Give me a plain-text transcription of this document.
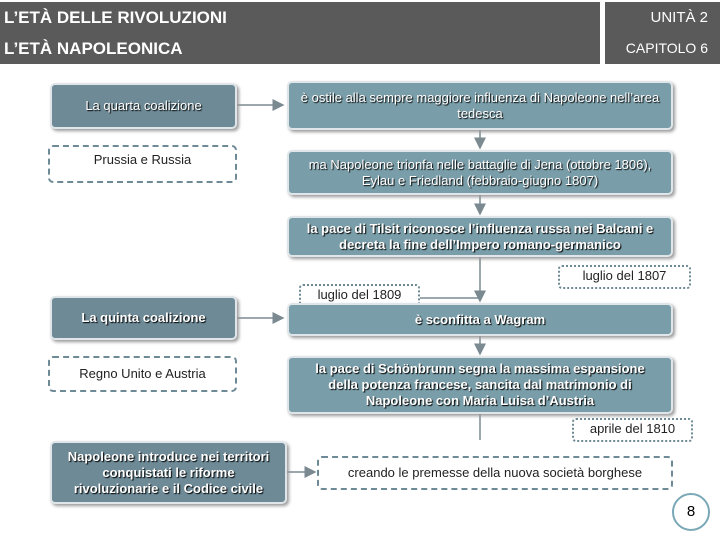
L’ETÀ DELLE RIVOLUZIONI
L’ETÀ NAPOLEONICA
UNITÀ 2
CAPITOLO 6
La quarta coalizione
Prussia e Russia
La quinta coalizione
Regno Unito e Austria
Napoleone introduce nei territori conquistati le riforme rivoluzionarie e il Codice civile
è ostile alla sempre maggiore influenza di Napoleone nell’area tedesca
ma Napoleone trionfa nelle battaglie di Jena (ottobre 1806), Eylau e Friedland (febbraio-giugno 1807)
la pace di Tilsit riconosce l’influenza russa nei Balcani e decreta la fine dell’Impero romano-germanico
luglio del 1807
luglio del 1809
è sconfitta a Wagram
la pace di Schönbrunn segna la massima espansione della potenza francese, sancita dal matrimonio di Napoleone con Maria Luisa d’Austria
aprile del 1810
creando le premesse della nuova società borghese
8
